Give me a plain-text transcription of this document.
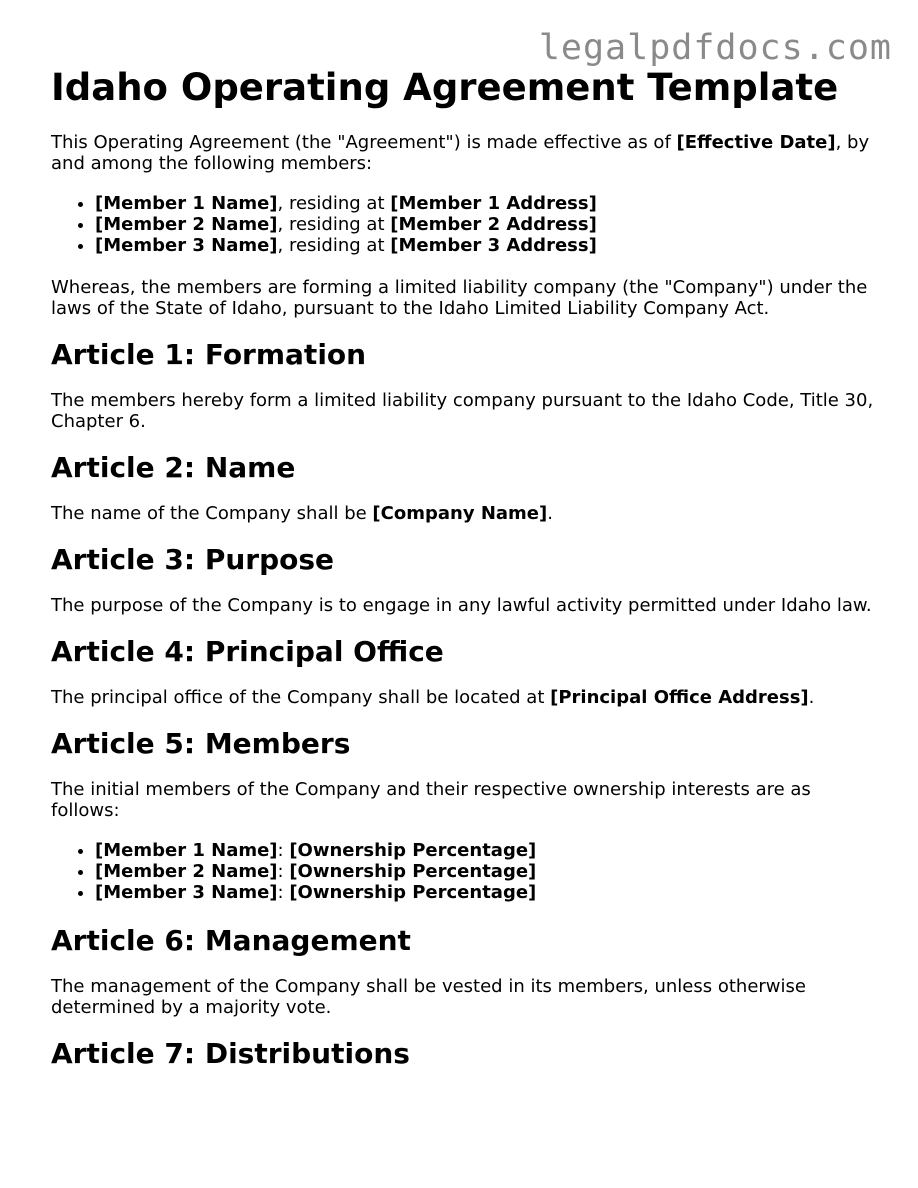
legalpdfdocs.com
Idaho Operating Agreement Template

This Operating Agreement (the "Agreement") is made effective as of [Effective Date], by and among the following members:

• [Member 1 Name], residing at [Member 1 Address]
• [Member 2 Name], residing at [Member 2 Address]
• [Member 3 Name], residing at [Member 3 Address]

Whereas, the members are forming a limited liability company (the "Company") under the laws of the State of Idaho, pursuant to the Idaho Limited Liability Company Act.

Article 1: Formation

The members hereby form a limited liability company pursuant to the Idaho Code, Title 30, Chapter 6.

Article 2: Name

The name of the Company shall be [Company Name].

Article 3: Purpose

The purpose of the Company is to engage in any lawful activity permitted under Idaho law.

Article 4: Principal Office

The principal office of the Company shall be located at [Principal Office Address].

Article 5: Members

The initial members of the Company and their respective ownership interests are as follows:

• [Member 1 Name]: [Ownership Percentage]
• [Member 2 Name]: [Ownership Percentage]
• [Member 3 Name]: [Ownership Percentage]
Article 6: Management

The management of the Company shall be vested in its members, unless otherwise determined by a majority vote.

Article 7: Distributions
